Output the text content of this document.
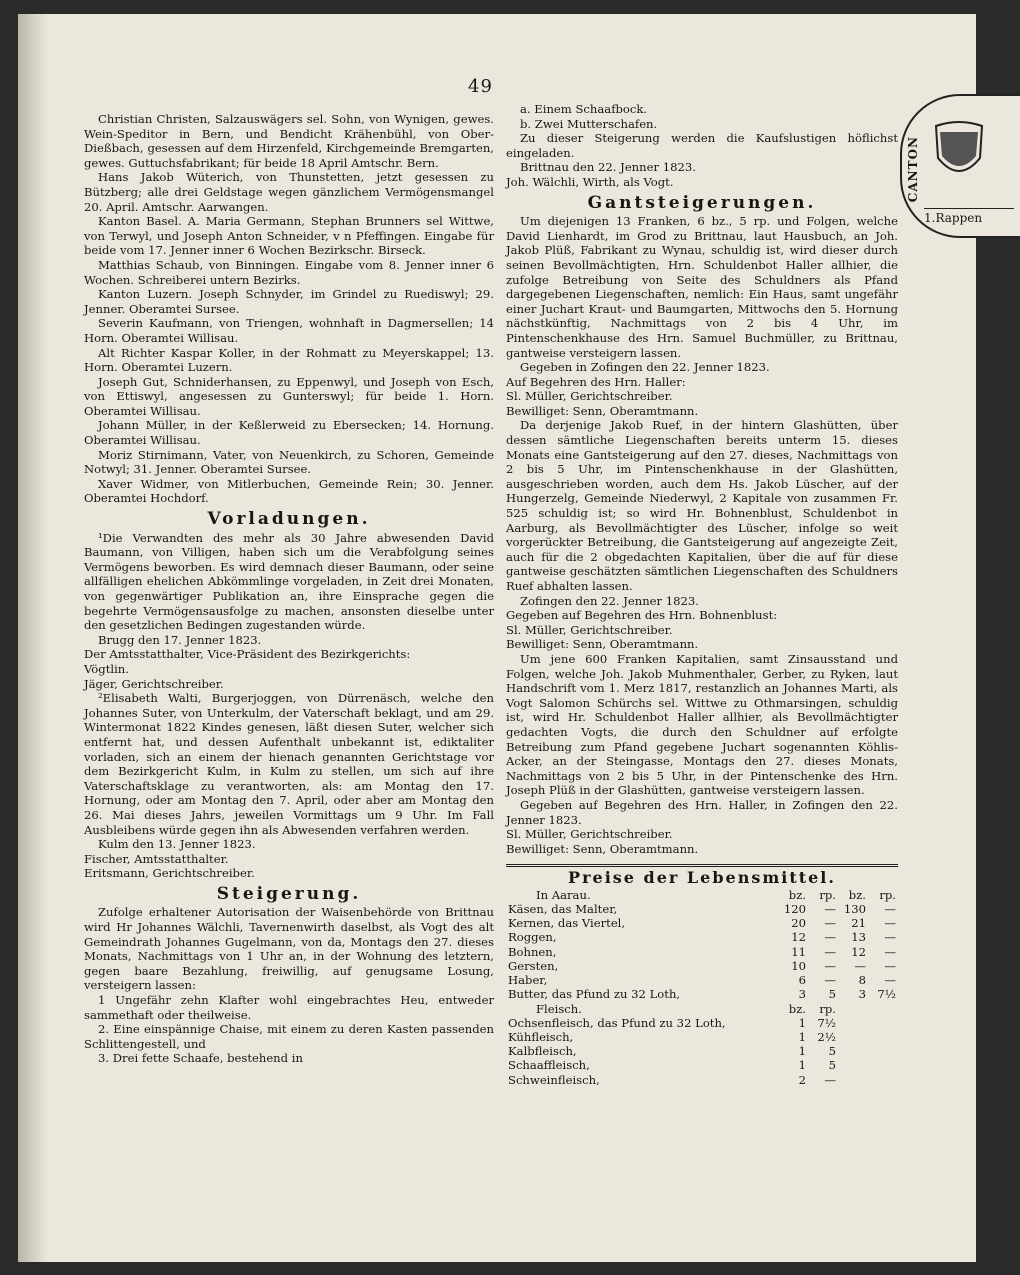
49
CANTON
1.Rappen

Christian Christen, Salzauswägers sel. Sohn, von Wynigen, gewes. Wein-Speditor in Bern, und Bendicht Krähenbühl, von Ober-Dießbach, gesessen auf dem Hirzenfeld, Kirchgemeinde Bremgarten, gewes. Guttuchsfabrikant; für beide 18 April Amtschr. Bern.

Hans Jakob Wüterich, von Thunstetten, jetzt gesessen zu Bützberg; alle drei Geldstage wegen gänzlichem Vermögensmangel 20. April. Amtschr. Aarwangen.

Kanton Basel. A. Maria Germann, Stephan Brunners sel Wittwe, von Terwyl, und Joseph Anton Schneider, v n Pfeffingen. Eingabe für beide vom 17. Jenner inner 6 Wochen Bezirkschr. Birseck.

Matthias Schaub, von Binningen. Eingabe vom 8. Jenner inner 6 Wochen. Schreiberei untern Bezirks.

Kanton Luzern. Joseph Schnyder, im Grindel zu Ruediswyl; 29. Jenner. Oberamtei Sursee.

Severin Kaufmann, von Triengen, wohnhaft in Dagmersellen; 14 Horn. Oberamtei Willisau.

Alt Richter Kaspar Koller, in der Rohmatt zu Meyerskappel; 13. Horn. Oberamtei Luzern.

Joseph Gut, Schniderhansen, zu Eppenwyl, und Joseph von Esch, von Ettiswyl, angesessen zu Gunterswyl; für beide 1. Horn. Oberamtei Willisau.

Johann Müller, in der Keßlerweid zu Ebersecken; 14. Hornung. Oberamtei Willisau.

Moriz Stirnimann, Vater, von Neuenkirch, zu Schoren, Gemeinde Notwyl; 31. Jenner. Oberamtei Sursee.

Xaver Widmer, von Mitlerbuchen, Gemeinde Rein; 30. Jenner. Oberamtei Hochdorf.

Vorladungen.

¹Die Verwandten des mehr als 30 Jahre abwesenden David Baumann, von Villigen, haben sich um die Verabfolgung seines Vermögens beworben. Es wird demnach dieser Baumann, oder seine allfälligen ehelichen Abkömmlinge vorgeladen, in Zeit drei Monaten, von gegenwärtiger Publikation an, ihre Einsprache gegen die begehrte Vermögensausfolge zu machen, ansonsten dieselbe unter den gesetzlichen Bedingen zugestanden würde.

Brugg den 17. Jenner 1823.

Der Amtsstatthalter, Vice-Präsident des Bezirkgerichts:

Vögtlin.

Jäger, Gerichtschreiber.

²Elisabeth Walti, Burgerjoggen, von Dürrenäsch, welche den Johannes Suter, von Unterkulm, der Vaterschaft beklagt, und am 29. Wintermonat 1822 Kindes genesen, läßt diesen Suter, welcher sich entfernt hat, und dessen Aufenthalt unbekannt ist, ediktaliter vorladen, sich an einem der hienach genannten Gerichtstage vor dem Bezirkgericht Kulm, in Kulm zu stellen, um sich auf ihre Vaterschaftsklage zu verantworten, als: am Montag den 17. Hornung, oder am Montag den 7. April, oder aber am Montag den 26. Mai dieses Jahrs, jeweilen Vormittags um 9 Uhr. Im Fall Ausbleibens würde gegen ihn als Abwesenden verfahren werden.

Kulm den 13. Jenner 1823.

Fischer, Amtsstatthalter.

Eritsmann, Gerichtschreiber.

Steigerung.

Zufolge erhaltener Autorisation der Waisenbehörde von Brittnau wird Hr Johannes Wälchli, Tavernenwirth daselbst, als Vogt des alt Gemeindrath Johannes Gugelmann, von da, Montags den 27. dieses Monats, Nachmittags von 1 Uhr an, in der Wohnung des letztern, gegen baare Bezahlung, freiwillig, auf genugsame Losung, versteigern lassen:

1 Ungefähr zehn Klafter wohl eingebrachtes Heu, entweder sammethaft oder theilweise.

2. Eine einspännige Chaise, mit einem zu deren Kasten passenden Schlittengestell, und

3. Drei fette Schaafe, bestehend in

a. Einem Schaafbock.

b. Zwei Mutterschafen.

Zu dieser Steigerung werden die Kaufslustigen höflichst eingeladen.

Brittnau den 22. Jenner 1823.

Joh. Wälchli, Wirth, als Vogt.

Gantsteigerungen.

Um diejenigen 13 Franken, 6 bz., 5 rp. und Folgen, welche David Lienhardt, im Grod zu Brittnau, laut Hausbuch, an Joh. Jakob Plüß, Fabrikant zu Wynau, schuldig ist, wird dieser durch seinen Bevollmächtigten, Hrn. Schuldenbot Haller allhier, die zufolge Betreibung von Seite des Schuldners als Pfand dargegebenen Liegenschaften, nemlich: Ein Haus, samt ungefähr einer Juchart Kraut- und Baumgarten, Mittwochs den 5. Hornung nächstkünftig, Nachmittags von 2 bis 4 Uhr, im Pintenschenkhause des Hrn. Samuel Buchmüller, zu Brittnau, gantweise versteigern lassen.

Gegeben in Zofingen den 22. Jenner 1823.

Auf Begehren des Hrn. Haller:

Sl. Müller, Gerichtschreiber.

Bewilliget: Senn, Oberamtmann.

Da derjenige Jakob Ruef, in der hintern Glashütten, über dessen sämtliche Liegenschaften bereits unterm 15. dieses Monats eine Gantsteigerung auf den 27. dieses, Nachmittags von 2 bis 5 Uhr, im Pintenschenkhause in der Glashütten, ausgeschrieben worden, auch dem Hs. Jakob Lüscher, auf der Hungerzelg, Gemeinde Niederwyl, 2 Kapitale von zusammen Fr. 525 schuldig ist; so wird Hr. Bohnenblust, Schuldenbot in Aarburg, als Bevollmächtigter des Lüscher, infolge so weit vorgerückter Betreibung, die Gantsteigerung auf angezeigte Zeit, auch für die 2 obgedachten Kapitalien, über die auf für diese gantweise geschätzten sämtlichen Liegenschaften des Schuldners Ruef abhalten lassen.

Zofingen den 22. Jenner 1823.

Gegeben auf Begehren des Hrn. Bohnenblust:

Sl. Müller, Gerichtschreiber.

Bewilliget: Senn, Oberamtmann.

Um jene 600 Franken Kapitalien, samt Zinsausstand und Folgen, welche Joh. Jakob Muhmenthaler, Gerber, zu Ryken, laut Handschrift vom 1. Merz 1817, restanzlich an Johannes Marti, als Vogt Salomon Schürchs sel. Wittwe zu Othmarsingen, schuldig ist, wird Hr. Schuldenbot Haller allhier, als Bevollmächtigter gedachten Vogts, die durch den Schuldner auf erfolgte Betreibung zum Pfand gegebene Juchart sogenannten Köhlis-Acker, an der Steingasse, Montags den 27. dieses Monats, Nachmittags von 2 bis 5 Uhr, in der Pintenschenke des Hrn. Joseph Plüß in der Glashütten, gantweise versteigern lassen.

Gegeben auf Begehren des Hrn. Haller, in Zofingen den 22. Jenner 1823.

Sl. Müller, Gerichtschreiber.

Bewilliget: Senn, Oberamtmann.

Preise der Lebensmittel.
In Aarau.	bz.	rp.	bz.	rp.
Käsen, das Malter,	120	—	130	—
Kernen, das Viertel,	20	—	21	—
Roggen,	12	—	13	—
Bohnen,	11	—	12	—
Gersten,	10	—	—	—
Haber,	6	—	8	—
Butter, das Pfund zu 32 Loth,	3	5	3	7½
Fleisch.	bz.	rp.		
Ochsenfleisch, das Pfund zu 32 Loth,	1	7½		
Kühfleisch,	1	2½		
Kalbfleisch,	1	5		
Schaaffleisch,	1	5		
Schweinfleisch,	2	—		
